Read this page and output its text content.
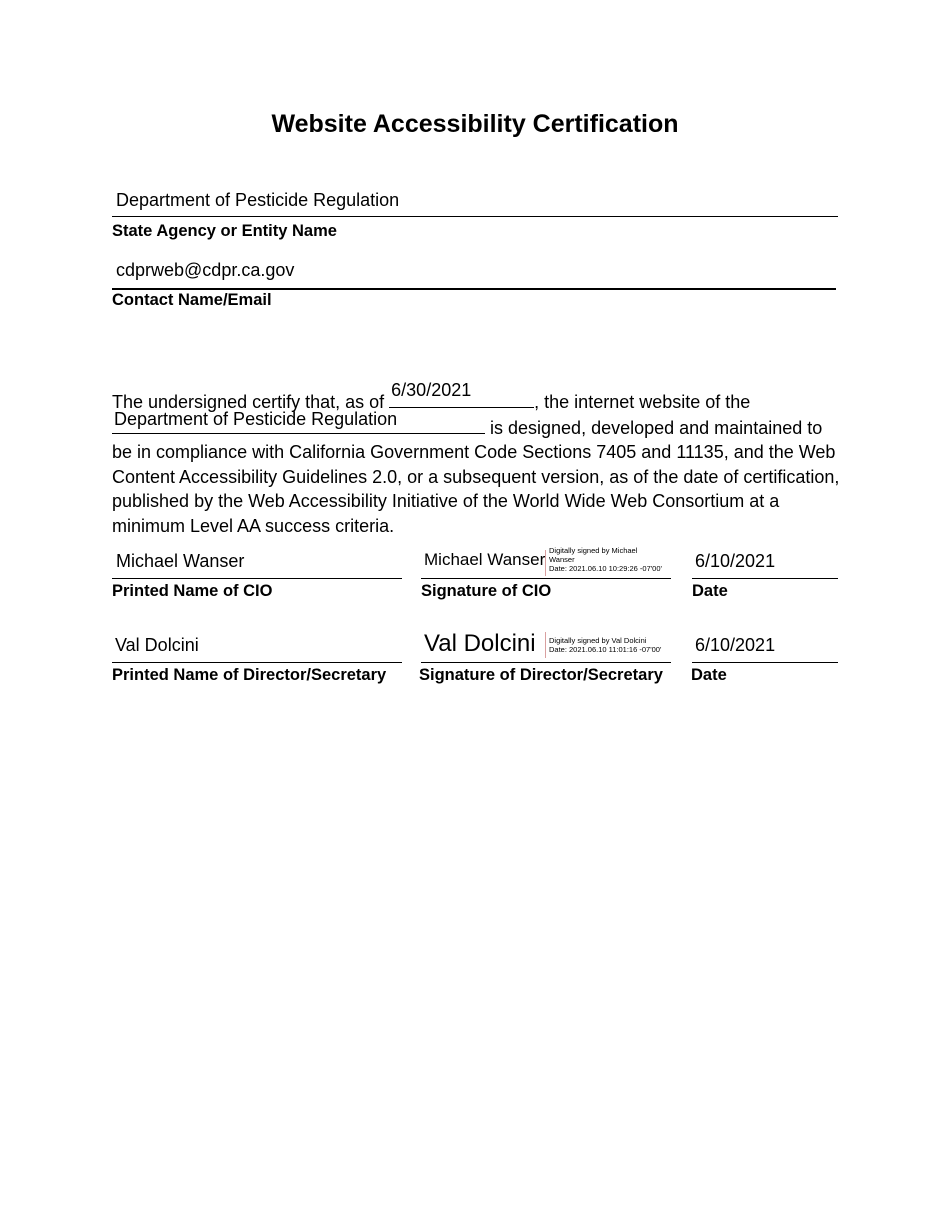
Website Accessibility Certification
Department of Pesticide Regulation
State Agency or Entity Name
cdprweb@cdpr.ca.gov
Contact Name/Email
The undersigned certify that, as of
6/30/2021
, the internet website of the

Department of Pesticide Regulation	is designed, developed and maintained to be in compliance with California Government Code Sections 7405 and 11135, and the Web Content Accessibility Guidelines 2.0, or a subsequent version, as of the date of certification, published by the Web Accessibility Initiative of the World Wide Web Consortium at a minimum Level AA success criteria.
Michael Wanser
Printed Name of CIO
Michael Wanser Digitally signed by Michael
Wanser
Date: 2021.06.10 10:29:26 -07'00'
Signature of CIO
6/10/2021
Date
Val Dolcini
Printed Name of Director/Secretary
Val Dolcini Digitally signed by Val Dolcini
Date: 2021.06.10 11:01:16 -07'00'
Signature of Director/Secretary
6/10/2021
Date
